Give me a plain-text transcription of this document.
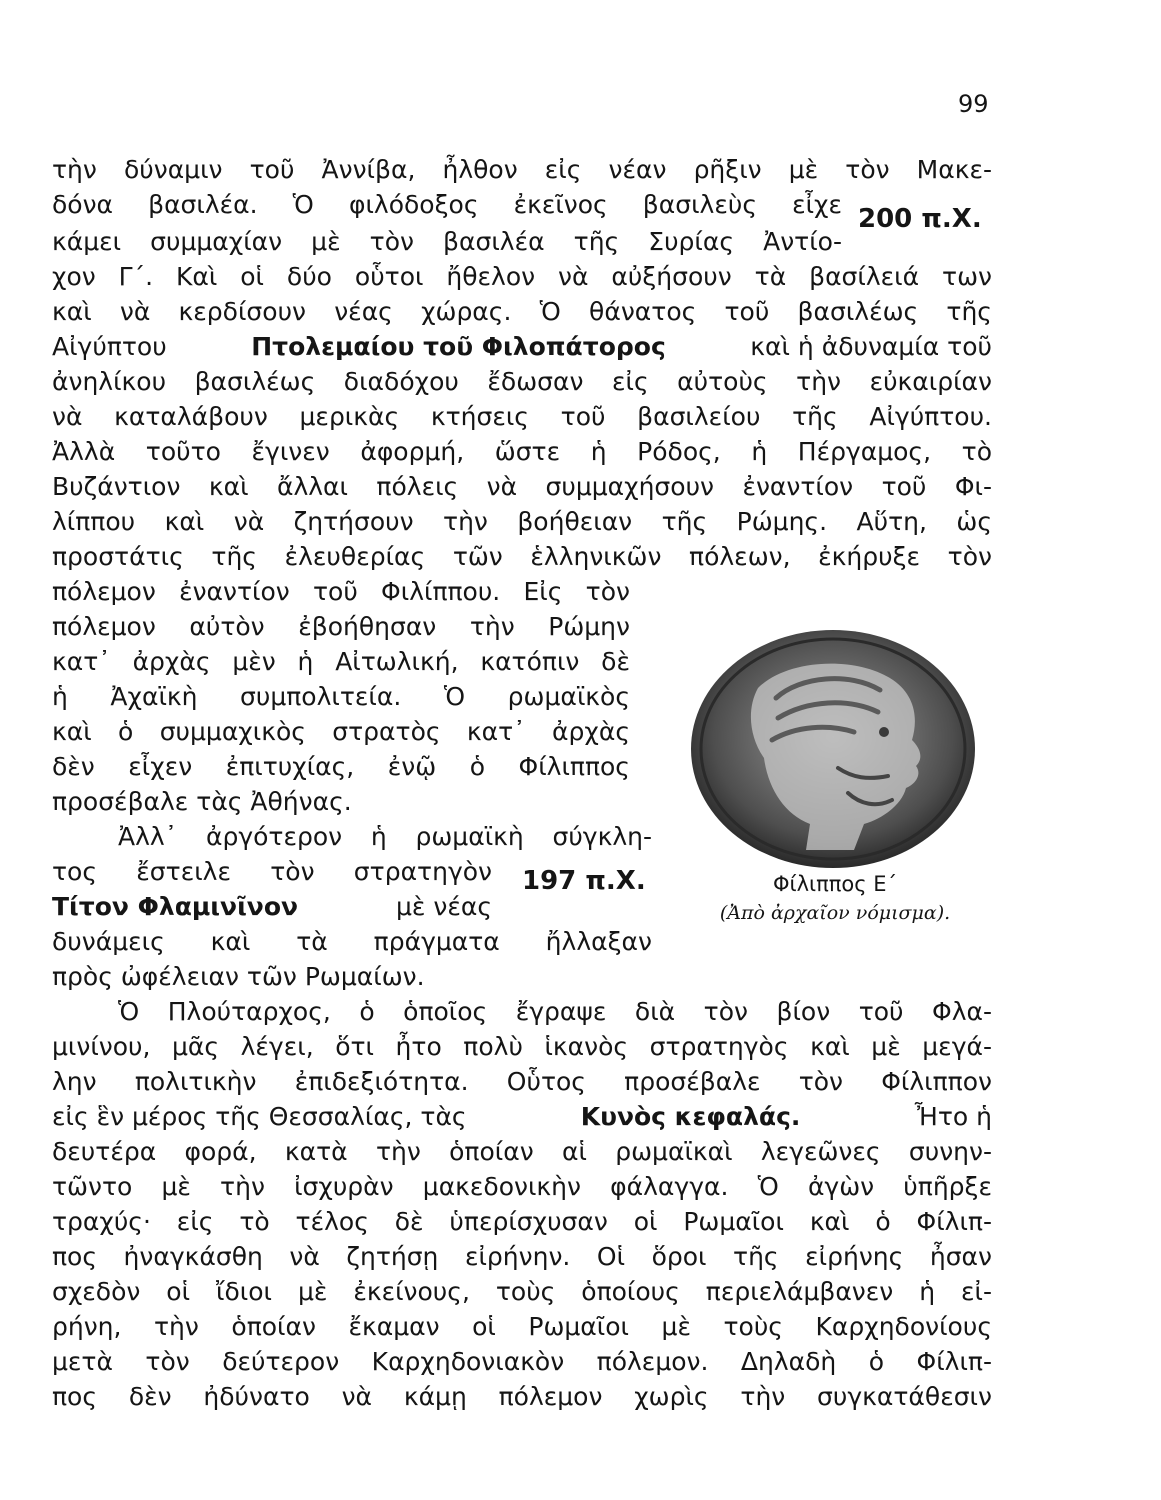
99
τὴν δύναμιν τοῦ Ἀννίβα, ἦλθον εἰς νέαν ρῆξιν μὲ τὸν Μακε-
δόνα βασιλέα. Ὁ φιλόδοξος ἐκεῖνος βασιλεὺς εἶχε
κάμει συμμαχίαν μὲ τὸν βασιλέα τῆς Συρίας Ἀντίο-
200 π.Χ.
χον Γ΄. Καὶ οἱ δύο οὗτοι ἤθελον νὰ αὐξήσουν τὰ βασίλειά των
καὶ νὰ κερδίσουν νέας χώρας. Ὁ θάνατος τοῦ βασιλέως τῆς
Αἰγύπτου	Πτολεμαίου τοῦ Φιλοπάτορος	καὶ ἡ ἀδυναμία τοῦ
ἀνηλίκου βασιλέως διαδόχου ἔδωσαν εἰς αὐτοὺς τὴν εὐκαιρίαν
νὰ καταλάβουν μερικὰς κτήσεις τοῦ βασιλείου τῆς Αἰγύπτου.
Ἀλλὰ τοῦτο ἔγινεν ἀφορμή, ὥστε ἡ Ρόδος, ἡ Πέργαμος, τὸ
Βυζάντιον καὶ ἄλλαι πόλεις νὰ συμμαχήσουν ἐναντίον τοῦ Φι-
λίππου καὶ νὰ ζητήσουν τὴν βοήθειαν τῆς Ρώμης. Αὕτη, ὡς
προστάτις τῆς ἐλευθερίας τῶν ἑλληνικῶν πόλεων, ἐκήρυξε τὸν
πόλεμον ἐναντίον τοῦ Φιλίππου. Εἰς τὸν
πόλεμον αὐτὸν ἐβοήθησαν τὴν Ρώμην
κατ᾽ ἀρχὰς μὲν ἡ Αἰτωλική, κατόπιν δὲ
ἡ Ἀχαϊκὴ συμπολιτεία. Ὁ ρωμαϊκὸς
καὶ ὁ συμμαχικὸς στρατὸς κατ᾽ ἀρχὰς
δὲν εἶχεν ἐπιτυχίας, ἐνῷ ὁ Φίλιππος
προσέβαλε τὰς Ἀθήνας.
Ἀλλ᾽ ἀργότερον ἡ ρωμαϊκὴ σύγκλη-
τος ἔστειλε τὸν στρατηγὸν 197 π.Χ.
Τίτον Φλαμινῖνον	μὲ νέας
δυνάμεις καὶ τὰ πράγματα ἤλλαξαν
πρὸς ὠφέλειαν τῶν Ρωμαίων.
Ὁ Πλούταρχος, ὁ ὁποῖος ἔγραψε διὰ τὸν βίον τοῦ Φλα-
μινίνου, μᾶς λέγει, ὅτι ἦτο πολὺ ἱκανὸς στρατηγὸς καὶ μὲ μεγά-
λην πολιτικὴν ἐπιδεξιότητα. Οὗτος προσέβαλε τὸν Φίλιππον
εἰς ἓν μέρος τῆς Θεσσαλίας, τὰς	Κυνὸς κεφαλάς.	Ἦτο ἡ
δευτέρα φορά, κατὰ τὴν ὁποίαν αἱ ρωμαϊκαὶ λεγεῶνες συνην-
τῶντο μὲ τὴν ἰσχυρὰν μακεδονικὴν φάλαγγα. Ὁ ἀγὼν ὑπῆρξε
τραχύς· εἰς τὸ τέλος δὲ ὑπερίσχυσαν οἱ Ρωμαῖοι καὶ ὁ Φίλιπ-
πος ἠναγκάσθη νὰ ζητήσῃ εἰρήνην. Οἱ ὅροι τῆς εἰρήνης ἦσαν
σχεδὸν οἱ ἴδιοι μὲ ἐκείνους, τοὺς ὁποίους περιελάμβανεν ἡ εἰ-
ρήνη, τὴν ὁποίαν ἔκαμαν οἱ Ρωμαῖοι μὲ τοὺς Καρχηδονίους
μετὰ τὸν δεύτερον Καρχηδονιακὸν πόλεμον. Δηλαδὴ ὁ Φίλιπ-
πος δὲν ἠδύνατο νὰ κάμῃ πόλεμον χωρὶς τὴν συγκατάθεσιν
Φίλιππος Ε΄
(Ἀπὸ ἀρχαῖον νόμισμα).
